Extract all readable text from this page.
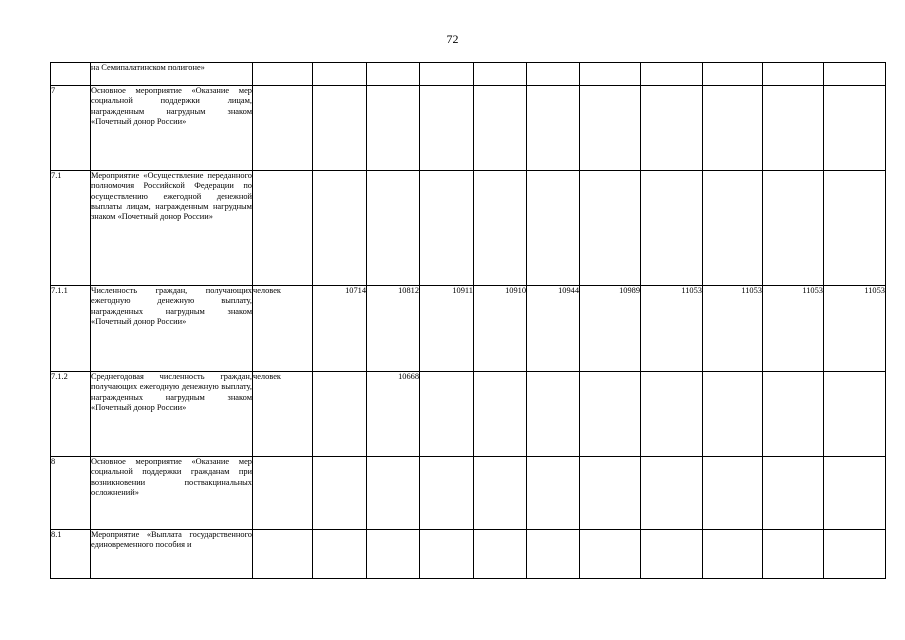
72

	на Семипалатинском полигоне»											

7	Основное мероприятие «Оказание мер социальной поддержки лицам, награжденным нагрудным знаком «Почетный донор России»											

7.1	Мероприятие «Осуществление переданного полномочия Российской Федерации по осуществлению ежегодной денежной выплаты лицам, награжденным нагрудным знаком «Почетный донор России»											

7.1.1	Численность граждан, получающих ежегодную денежную выплату, награжденных нагрудным знаком «Почетный донор России»	человек	10714	10812	10911	10910	10944	10989	11053	11053	11053	11053
7.1.2	Среднегодовая численность граждан, получающих ежегодную денежную выплату, награжденных нагрудным знаком «Почетный донор России»	человек		10668								
8	Основное мероприятие «Оказание мер социальной поддержки гражданам при возникновении поствакцинальных осложнений»											

8.1	Мероприятие «Выплата государственного единовременного пособия и											
